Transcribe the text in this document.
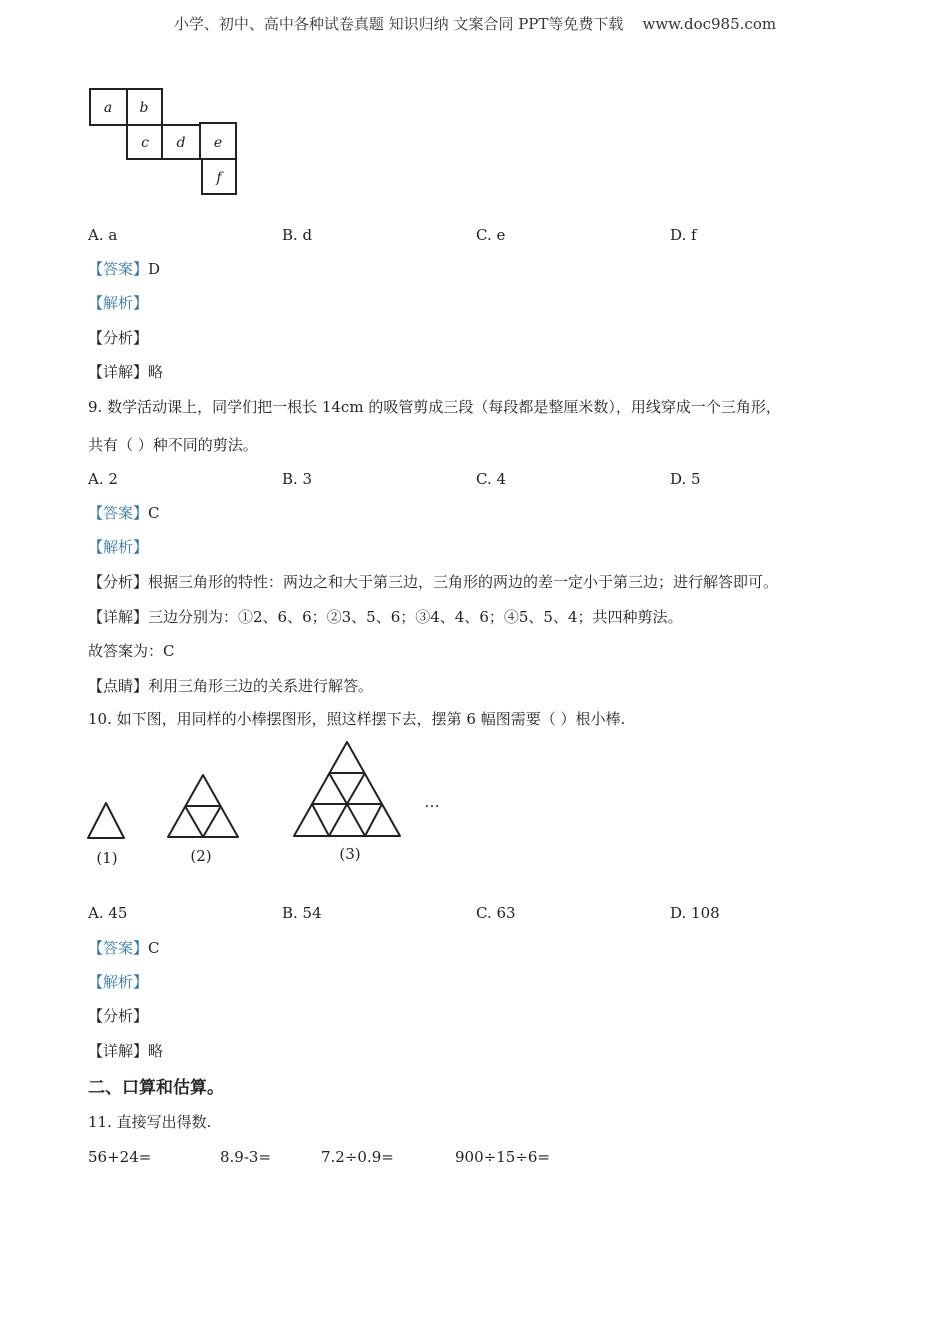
小学、初中、高中各种试卷真题 知识归纳 文案合同 PPT等免费下载    www.doc985.com
a b
c d e
f
A. a	B. d	C. e	D. f
【答案】D
【解析】
【分析】
【详解】略
9. 数学活动课上，同学们把一根长 14cm 的吸管剪成三段（每段都是整厘米数），用线穿成一个三角形，
共有（ ）种不同的剪法。
A. 2	B. 3	C. 4	D. 5
【答案】C
【解析】
【分析】根据三角形的特性：两边之和大于第三边，三角形的两边的差一定小于第三边；进行解答即可。
【详解】三边分别为：①2、6、6；②3、5、6；③4、4、6；④5、5、4；共四种剪法。
故答案为：C
【点睛】利用三角形三边的关系进行解答。
10. 如下图，用同样的小棒摆图形，照这样摆下去，摆第 6 幅图需要（ ）根小棒.
(1)	(2)	(3)
…
A. 45	B. 54	C. 63	D. 108
【答案】C
【解析】
【分析】
【详解】略
二、口算和估算。
11. 直接写出得数.
56+24=	8.9-3=	7.2÷0.9=	900÷15÷6=
